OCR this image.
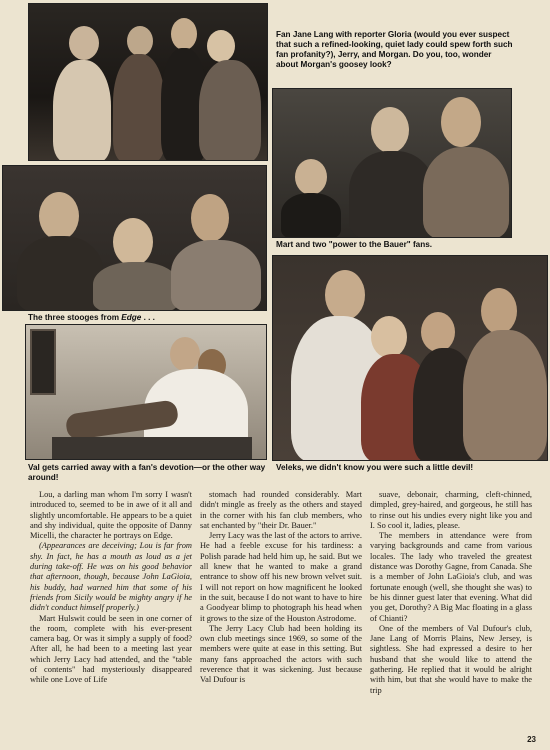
Fan Jane Lang with reporter Gloria (would you ever suspect that such a refined-looking, quiet lady could spew forth such fan profanity?), Jerry, and Morgan. Do you, too, wonder about Morgan's goosey look?
Mart and two "power to the Bauer" fans.
The three stooges from Edge . . .
Val gets carried away with a fan's devotion—or the other way around!
Veleks, we didn't know you were such a little devil!

Lou, a darling man whom I'm sorry I wasn't introduced to, seemed to be in awe of it all and slightly uncomfortable. He appears to be a quiet and shy individual, quite the opposite of Danny Micelli, the character he portrays on Edge.

(Appearances are deceiving; Lou is far from shy. In fact, he has a mouth as loud as a jet during take-off. He was on his good behavior that afternoon, though, because John LaGioia, his buddy, had warned him that some of his friends from Sicily would be mighty angry if he didn't conduct himself properly.)

Mart Hulswit could be seen in one corner of the room, complete with his ever-present camera bag. Or was it simply a supply of food? After all, he had been to a meeting last year which Jerry Lacy had attended, and the "table of contents" had mysteriously disappeared while one Love of Life

stomach had rounded considerably. Mart didn't mingle as freely as the others and stayed in the corner with his fan club members, who sat enchanted by "their Dr. Bauer."

Jerry Lacy was the last of the actors to arrive. He had a feeble excuse for his tardiness: a Polish parade had held him up, he said. But we all knew that he wanted to make a grand entrance to show off his new brown velvet suit. I will not report on how magnificent he looked in the suit, because I do not want to have to hire a Goodyear blimp to photograph his head when it grows to the size of the Houston Astrodome.

The Jerry Lacy Club had been holding its own club meetings since 1969, so some of the members were quite at ease in this setting. But many fans approached the actors with such reverence that it was sickening. Just because Val Dufour is

suave, debonair, charming, cleft-chinned, dimpled, grey-haired, and gorgeous, he still has to rinse out his undies every night like you and I. So cool it, ladies, please.

The members in attendance were from varying backgrounds and came from various locales. The lady who traveled the greatest distance was Dorothy Gagne, from Canada. She is a member of John LaGioia's club, and was fortunate enough (well, she thought she was) to be his dinner guest later that evening. What did you get, Dorothy? A Big Mac floating in a glass of Chianti?

One of the members of Val Dufour's club, Jane Lang of Morris Plains, New Jersey, is sightless. She had expressed a desire to her husband that she would like to attend the gathering. He replied that it would be alright with him, but that she would have to make the trip

23
